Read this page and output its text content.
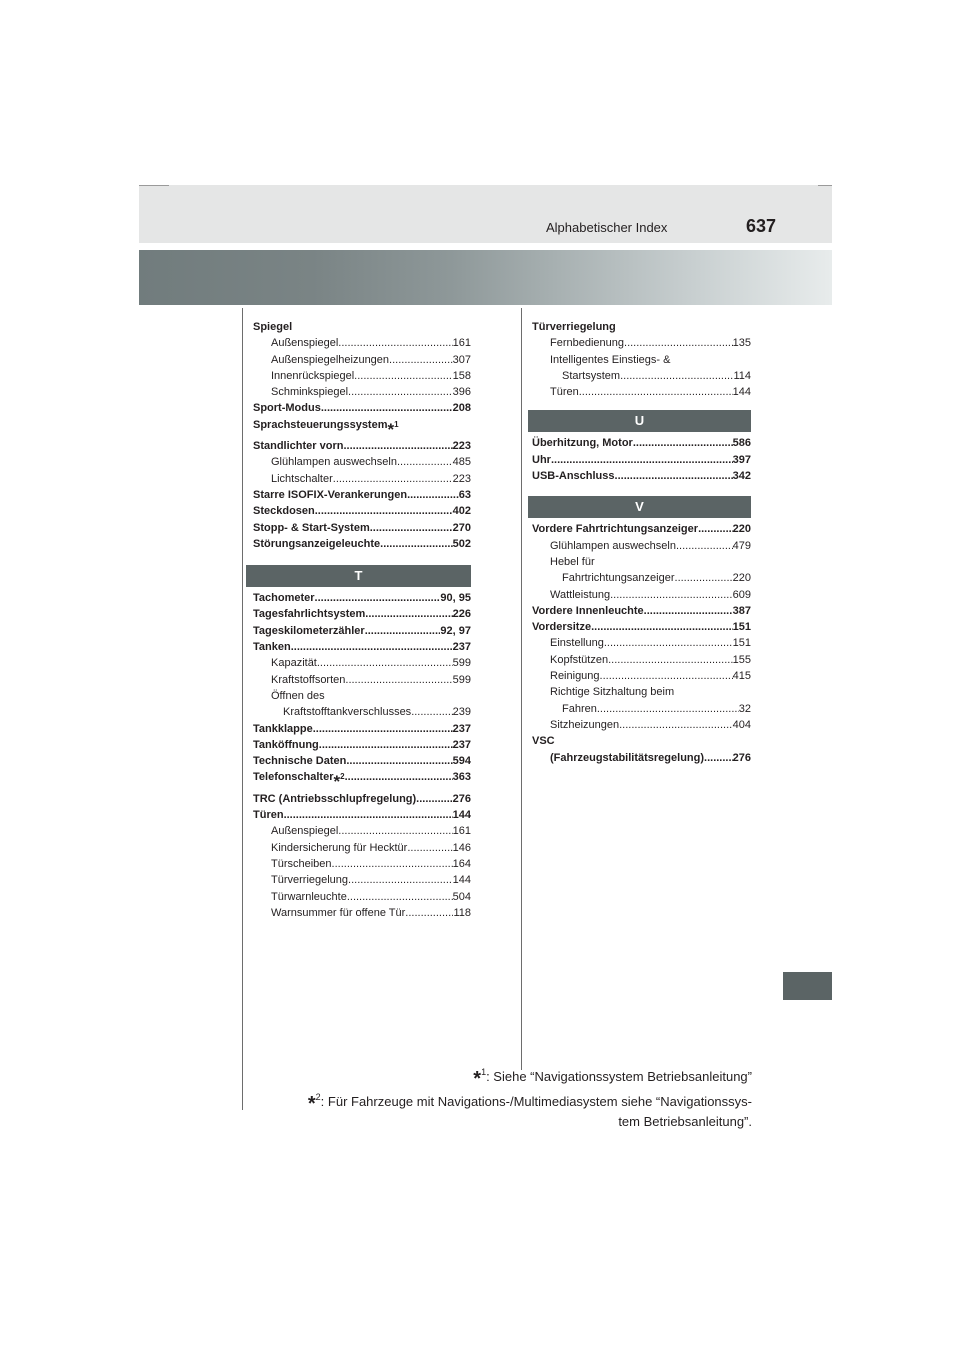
Alphabetischer Index	637
Spiegel
Außenspiegel .....	161
Außenspiegelheizungen .....	307
Innenrückspiegel .....	158
Schminkspiegel .....	396
Sport-Modus .....	208
Sprachsteuerungssystem *$^1$
Standlichter vorn .....	223
Glühlampen auswechseln .....	485
Lichtschalter .....	223
Starre ISOFIX-Verankerungen .....	63
Steckdosen .....	402
Stopp- & Start-System .....	270
Störungsanzeigeleuchte .....	502
T
Tachometer .....	90, 95
Tagesfahrlichtsystem .....	226
Tageskilometerzähler .....	92, 97
Tanken .....	237
Kapazität .....	599
Kraftstoffsorten .....	599
Öffnen des
Kraftstofftankverschlusses .....	239
Tankklappe .....	237
Tanköffnung .....	237
Technische Daten .....	594
Telefonschalter *$^2$ .....	363
TRC (Antriebsschlupfregelung) .....	276
Türen .....	144
Außenspiegel .....	161
Kindersicherung für Hecktür .....	146
Türscheiben .....	164
Türverriegelung .....	144
Türwarnleuchte .....	504
Warnsummer für offene Tür .....	118
Türverriegelung
Fernbedienung .....	135
Intelligentes Einstiegs- &
Startsystem .....	114
Türen .....	144
U
Überhitzung, Motor .....	586
Uhr .....	397
USB-Anschluss .....	342
V
Vordere Fahrtrichtungsanzeiger .....	220
Glühlampen auswechseln .....	479
Hebel für
Fahrtrichtungsanzeiger .....	220
Wattleistung .....	609
Vordere Innenleuchte .....	387
Vordersitze .....	151
Einstellung .....	151
Kopfstützen .....	155
Reinigung .....	415
Richtige Sitzhaltung beim
Fahren .....	32
Sitzheizungen .....	404
VSC
(Fahrzeugstabilitätsregelung) .....	276
*$^1$: Siehe “Navigationssystem Betriebsanleitung”
*$^2$: Für Fahrzeuge mit Navigations-/Multimediasystem siehe “Navigationssys-
tem Betriebsanleitung”.
